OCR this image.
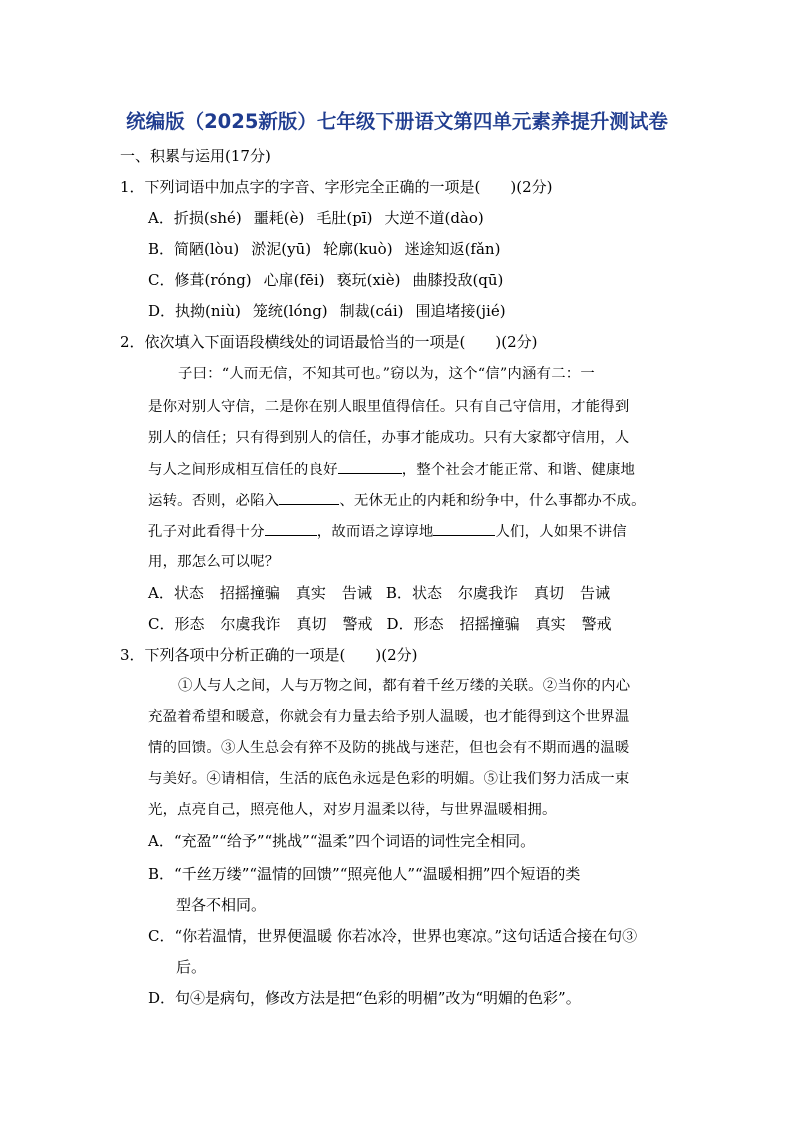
统编版（2025新版）七年级下册语文第四单元素养提升测试卷
一、积累与运用(17分)
1．下列词语中加点字的字音、字形完全正确的一项是(　　)(2分)
A．折损(shé) 噩耗(è) 毛肚(pī) 大逆不道(dào)
B．简陋(lòu) 淤泥(yū) 轮廓(kuò) 迷途知返(fǎn)
C．修葺(róng) 心扉(fēi) 亵玩(xiè) 曲膝投敌(qū)
D．执拗(niù) 笼统(lóng) 制裁(cái) 围追堵接(jié)
2．依次填入下面语段横线处的词语最恰当的一项是(　　)(2分)
子曰：“人而无信，不知其可也。”窃以为，这个“信”内涵有二：一
是你对别人守信，二是你在别人眼里值得信任。只有自己守信用，才能得到
别人的信任；只有得到别人的信任，办事才能成功。只有大家都守信用，人
与人之间形成相互信任的良好	，整个社会才能正常、和谐、健康地
运转。否则，必陷入	、无休无止的内耗和纷争中，什么事都办不成。
孔子对此看得十分	，故而语之谆谆地	人们，人如果不讲信
用，那怎么可以呢？
A．状态 招摇撞骗 真实 告诫 B．状态 尔虞我诈 真切 告诫
C．形态 尔虞我诈 真切 警戒 D．形态 招摇撞骗 真实 警戒
3．下列各项中分析正确的一项是(　　)(2分)
①人与人之间，人与万物之间，都有着千丝万缕的关联。②当你的内心
充盈着希望和暖意，你就会有力量去给予别人温暖，也才能得到这个世界温
情的回馈。③人生总会有猝不及防的挑战与迷茫，但也会有不期而遇的温暖
与美好。④请相信，生活的底色永远是色彩的明媚。⑤让我们努力活成一束
光，点亮自己，照亮他人，对岁月温柔以待，与世界温暖相拥。
A．“充盈”“给予”“挑战”“温柔”四个词语的词性完全相同。
B．“千丝万缕”“温情的回馈”“照亮他人”“温暖相拥”四个短语的类
型各不相同。
C．“你若温情，世界便温暖 你若冰冷，世界也寒凉。”这句话适合接在句③
后。
D．句④是病句，修改方法是把“色彩的明楣”改为“明媚的色彩”。
